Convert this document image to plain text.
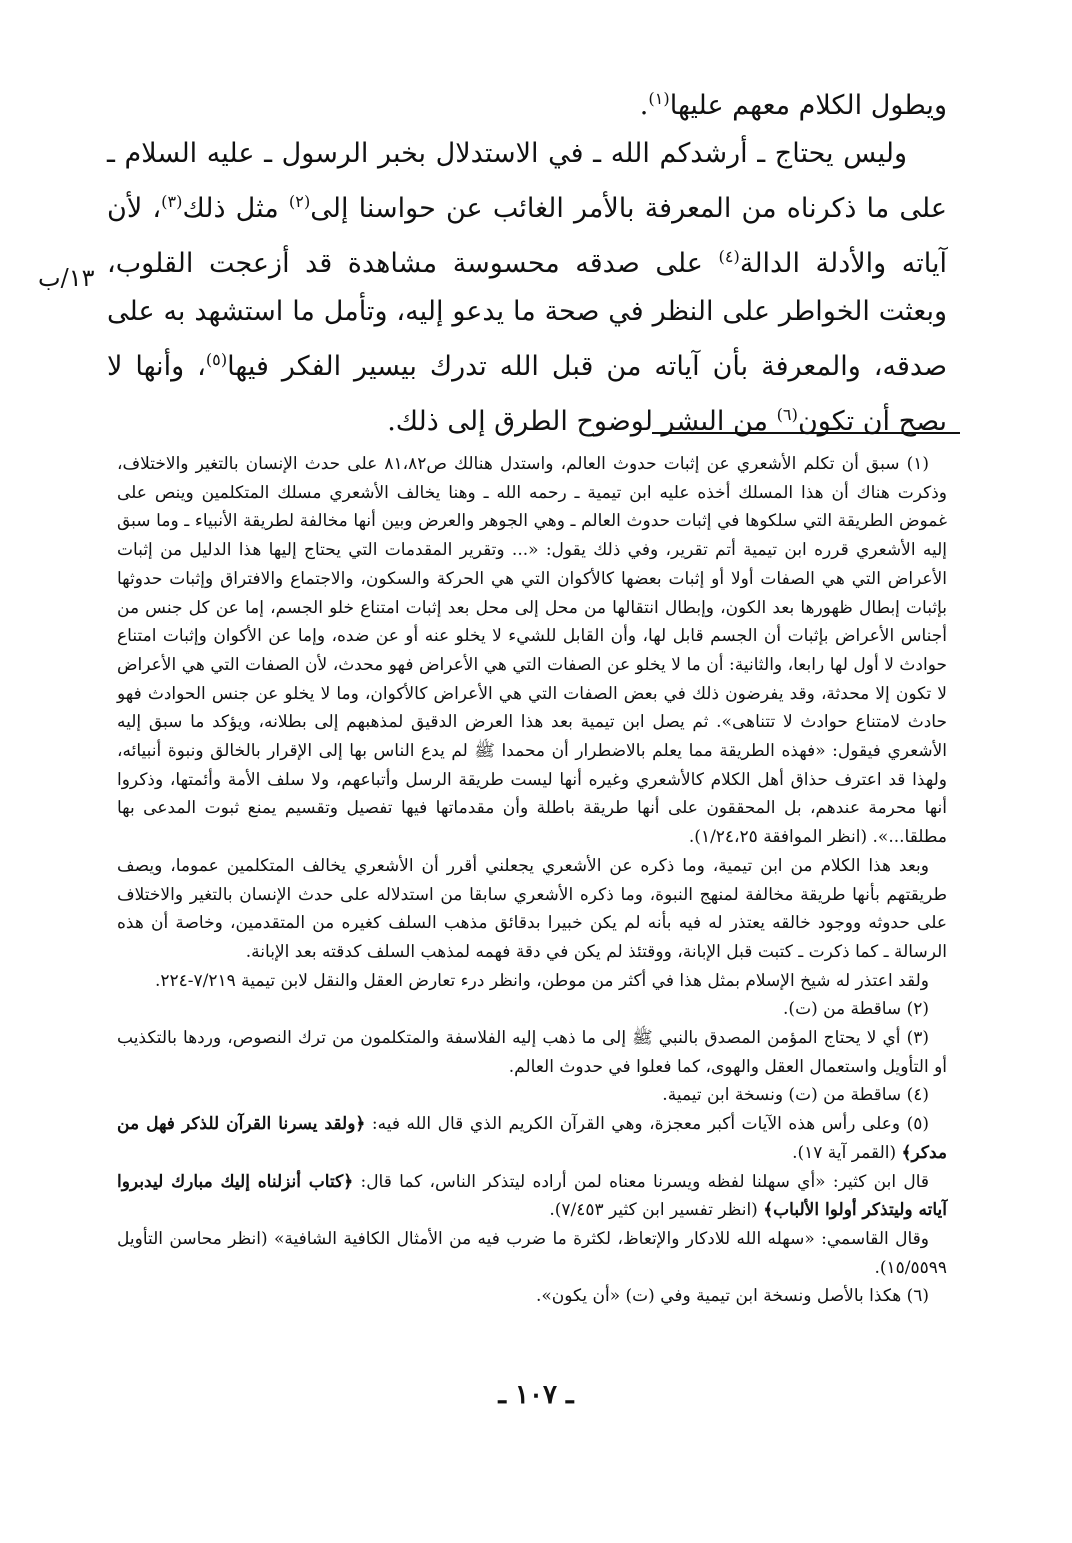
ويطول الكلام معهم عليها$^{(١)}$.

وليس يحتاج ـ أرشدكم الله ـ في الاستدلال بخبر الرسول ـ عليه السلام ـ على ما ذكرناه من المعرفة بالأمر الغائب عن حواسنا إلى$^{(٢)}$ مثل ذلك$^{(٣)}$، لأن آياته والأدلة الدالة$^{(٤)}$ على صدقه محسوسة مشاهدة قد أزعجت القلوب، وبعثت الخواطر على النظر في صحة ما يدعو إليه، وتأمل ما استشهد به على صدقه، والمعرفة بأن آياته من قبل الله تدرك بيسير الفكر فيها$^{(٥)}$، وأنها لا يصح أن تكون$^{(٦)}$ من البشر لوضوح الطرق إلى ذلك.

١٣/ب

(١) سبق أن تكلم الأشعري عن إثبات حدوث العالم، واستدل هنالك ص٨١،٨٢ على حدث الإنسان بالتغير والاختلاف، وذكرت هناك أن هذا المسلك أخذه عليه ابن تيمية ـ رحمه الله ـ وهنا يخالف الأشعري مسلك المتكلمين وينص على غموض الطريقة التي سلكوها في إثبات حدوث العالم ـ وهي الجوهر والعرض وبين أنها مخالفة لطريقة الأنبياء ـ وما سبق إليه الأشعري قرره ابن تيمية أتم تقرير، وفي ذلك يقول: «... وتقرير المقدمات التي يحتاج إليها هذا الدليل من إثبات الأعراض التي هي الصفات أولا أو إثبات بعضها كالأكوان التي هي الحركة والسكون، والاجتماع والافتراق وإثبات حدوثها بإثبات إبطال ظهورها بعد الكون، وإبطال انتقالها من محل إلى محل بعد إثبات امتناع خلو الجسم، إما عن كل جنس من أجناس الأعراض بإثبات أن الجسم قابل لها، وأن القابل للشيء لا يخلو عنه أو عن ضده، وإما عن الأكوان وإثبات امتناع حوادث لا أول لها رابعا، والثانية: أن ما لا يخلو عن الصفات التي هي الأعراض فهو محدث، لأن الصفات التي هي الأعراض لا تكون إلا محدثة، وقد يفرضون ذلك في بعض الصفات التي هي الأعراض كالأكوان، وما لا يخلو عن جنس الحوادث فهو حادث لامتناع حوادث لا تتناهى». ثم يصل ابن تيمية بعد هذا العرض الدقيق لمذهبهم إلى بطلانه، ويؤكد ما سبق إليه الأشعري فيقول: «فهذه الطريقة مما يعلم بالاضطرار أن محمدا ﷺ لم يدع الناس بها إلى الإقرار بالخالق ونبوة أنبيائه، ولهذا قد اعترف حذاق أهل الكلام كالأشعري وغيره أنها ليست طريقة الرسل وأتباعهم، ولا سلف الأمة وأئمتها، وذكروا أنها محرمة عندهم، بل المحققون على أنها طريقة باطلة وأن مقدماتها فيها تفصيل وتقسيم يمنع ثبوت المدعى بها مطلقا...». (انظر الموافقة ١/٢٤،٢٥).

وبعد هذا الكلام من ابن تيمية، وما ذكره عن الأشعري يجعلني أقرر أن الأشعري يخالف المتكلمين عموما، ويصف طريقتهم بأنها طريقة مخالفة لمنهج النبوة، وما ذكره الأشعري سابقا من استدلاله على حدث الإنسان بالتغير والاختلاف على حدوثه ووجود خالقه يعتذر له فيه بأنه لم يكن خبيرا بدقائق مذهب السلف كغيره من المتقدمين، وخاصة أن هذه الرسالة ـ كما ذكرت ـ كتبت قبل الإبانة، ووقتئذ لم يكن في دقة فهمه لمذهب السلف كدقته بعد الإبانة.

ولقد اعتذر له شيخ الإسلام بمثل هذا في أكثر من موطن، وانظر درء تعارض العقل والنقل لابن تيمية ٧/٢١٩-٢٢٤.

(٢) ساقطة من (ت).

(٣) أي لا يحتاج المؤمن المصدق بالنبي ﷺ إلى ما ذهب إليه الفلاسفة والمتكلمون من ترك النصوص، وردها بالتكذيب أو التأويل واستعمال العقل والهوى، كما فعلوا في حدوث العالم.

(٤) ساقطة من (ت) ونسخة ابن تيمية.

(٥) وعلى رأس هذه الآيات أكبر معجزة، وهي القرآن الكريم الذي قال الله فيه: ﴿ولقد يسرنا القرآن للذكر فهل من مدكر﴾ (القمر آية ١٧).

قال ابن كثير: «أي سهلنا لفظه ويسرنا معناه لمن أراده ليتذكر الناس، كما قال: ﴿كتاب أنزلناه إليك مبارك ليدبروا آياته وليتذكر أولوا الألباب﴾ (انظر تفسير ابن كثير ٧/٤٥٣).

وقال القاسمي: «سهله الله للادكار والإتعاظ، لكثرة ما ضرب فيه من الأمثال الكافية الشافية» (انظر محاسن التأويل ١٥/٥٥٩٩).

(٦) هكذا بالأصل ونسخة ابن تيمية وفي (ت) «أن يكون».

ـ ١٠٧ ـ
